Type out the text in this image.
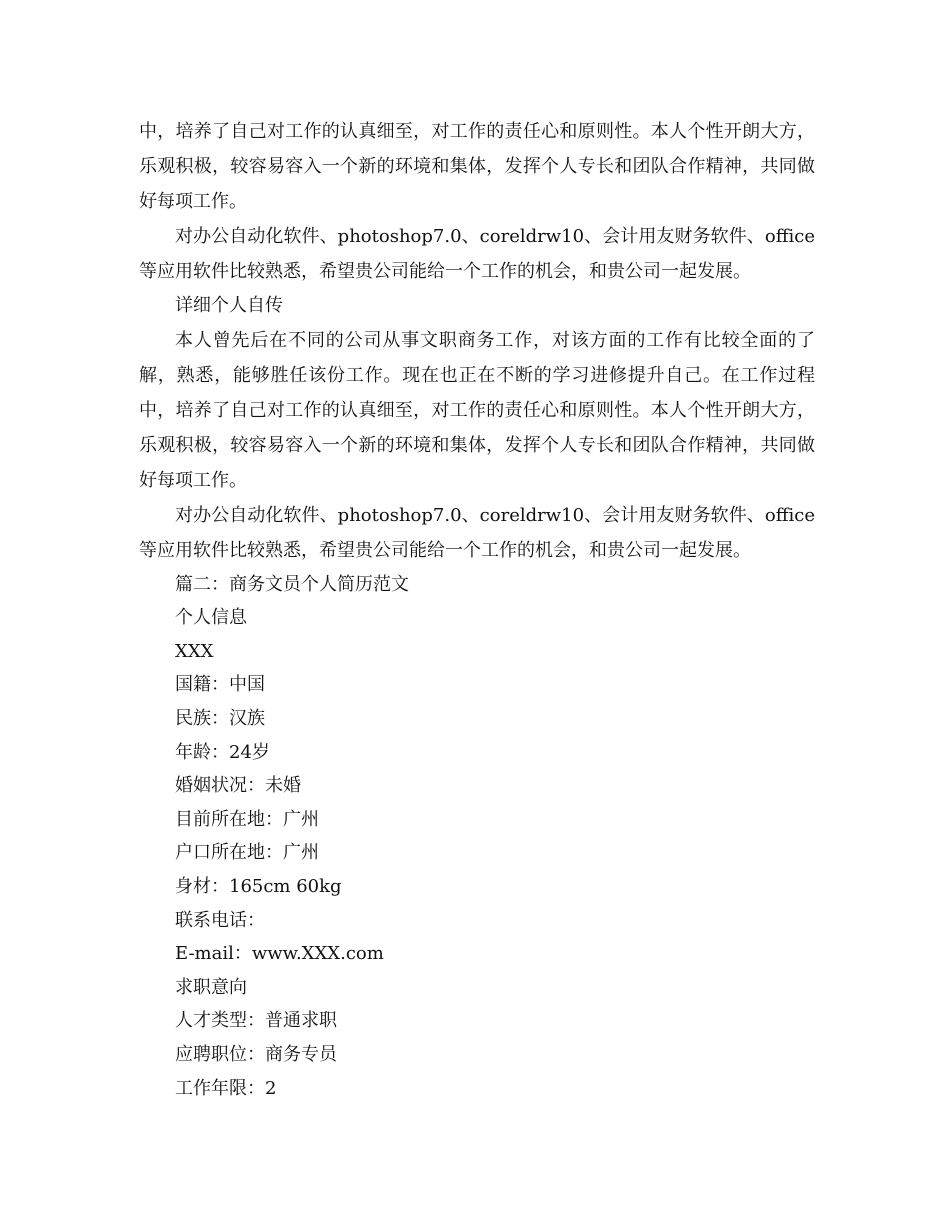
中，培养了自己对工作的认真细至，对工作的责任心和原则性。本人个性开朗大方，乐观积极，较容易容入一个新的环境和集体，发挥个人专长和团队合作精神，共同做好每项工作。

对办公自动化软件、photoshop7.0、coreldrw10、会计用友财务软件、office等应用软件比较熟悉，希望贵公司能给一个工作的机会，和贵公司一起发展。

详细个人自传

本人曾先后在不同的公司从事文职商务工作，对该方面的工作有比较全面的了解，熟悉，能够胜任该份工作。现在也正在不断的学习进修提升自己。在工作过程中，培养了自己对工作的认真细至，对工作的责任心和原则性。本人个性开朗大方，乐观积极，较容易容入一个新的环境和集体，发挥个人专长和团队合作精神，共同做好每项工作。

对办公自动化软件、photoshop7.0、coreldrw10、会计用友财务软件、office等应用软件比较熟悉，希望贵公司能给一个工作的机会，和贵公司一起发展。

篇二：商务文员个人简历范文

个人信息

XXX

国籍：中国

民族：汉族

年龄：24岁

婚姻状况：未婚

目前所在地：广州

户口所在地：广州

身材：165cm 60kg

联系电话：

E-mail：www.XXX.com

求职意向

人才类型：普通求职

应聘职位：商务专员

工作年限：2
